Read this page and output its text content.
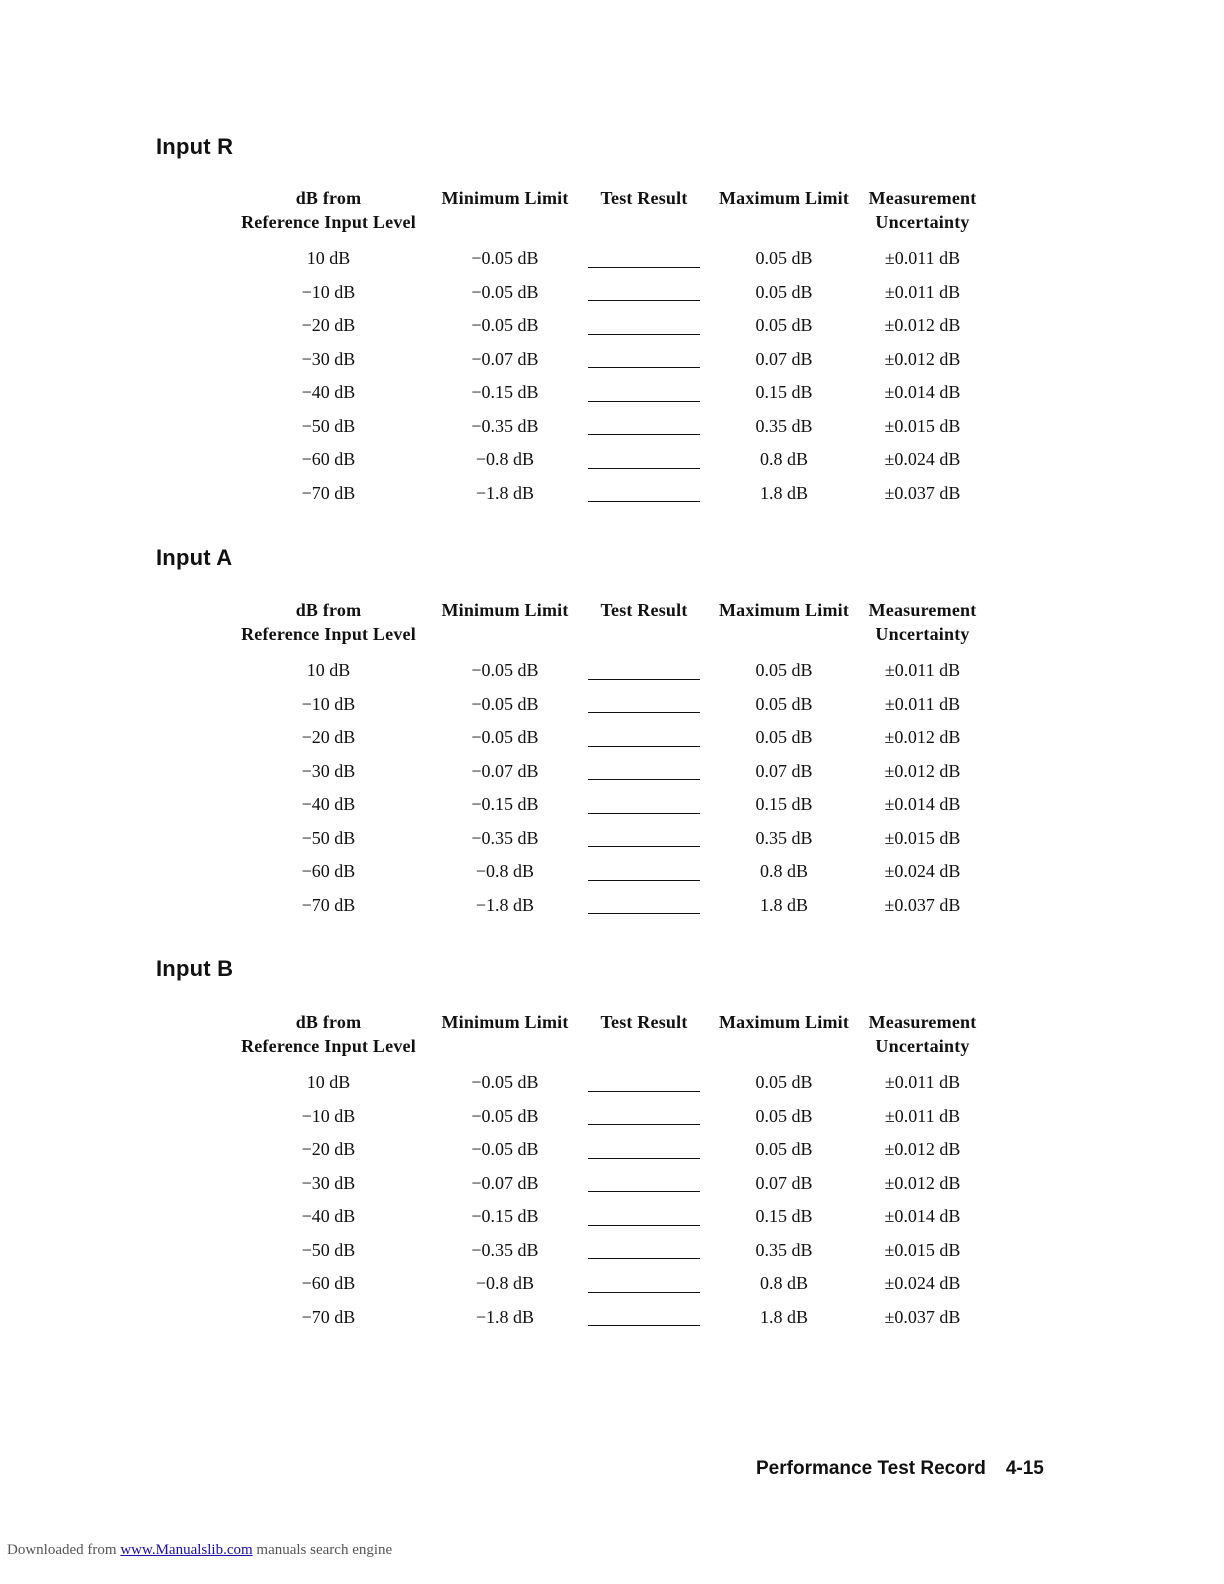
Input R
dB from
Reference Input Level	Minimum Limit	Test Result	Maximum Limit	Measurement
Uncertainty
10 dB	−0.05 dB		0.05 dB	±0.011 dB
−10 dB	−0.05 dB		0.05 dB	±0.011 dB
−20 dB	−0.05 dB		0.05 dB	±0.012 dB
−30 dB	−0.07 dB		0.07 dB	±0.012 dB
−40 dB	−0.15 dB		0.15 dB	±0.014 dB
−50 dB	−0.35 dB		0.35 dB	±0.015 dB
−60 dB	−0.8 dB		0.8 dB	±0.024 dB
−70 dB	−1.8 dB		1.8 dB	±0.037 dB
Input A
dB from
Reference Input Level	Minimum Limit	Test Result	Maximum Limit	Measurement
Uncertainty
10 dB	−0.05 dB		0.05 dB	±0.011 dB
−10 dB	−0.05 dB		0.05 dB	±0.011 dB
−20 dB	−0.05 dB		0.05 dB	±0.012 dB
−30 dB	−0.07 dB		0.07 dB	±0.012 dB
−40 dB	−0.15 dB		0.15 dB	±0.014 dB
−50 dB	−0.35 dB		0.35 dB	±0.015 dB
−60 dB	−0.8 dB		0.8 dB	±0.024 dB
−70 dB	−1.8 dB		1.8 dB	±0.037 dB
Input B
dB from
Reference Input Level	Minimum Limit	Test Result	Maximum Limit	Measurement
Uncertainty
10 dB	−0.05 dB		0.05 dB	±0.011 dB
−10 dB	−0.05 dB		0.05 dB	±0.011 dB
−20 dB	−0.05 dB		0.05 dB	±0.012 dB
−30 dB	−0.07 dB		0.07 dB	±0.012 dB
−40 dB	−0.15 dB		0.15 dB	±0.014 dB
−50 dB	−0.35 dB		0.35 dB	±0.015 dB
−60 dB	−0.8 dB		0.8 dB	±0.024 dB
−70 dB	−1.8 dB		1.8 dB	±0.037 dB

Performance Test Record 4-15

Downloaded from www.Manualslib.com manuals search engine
